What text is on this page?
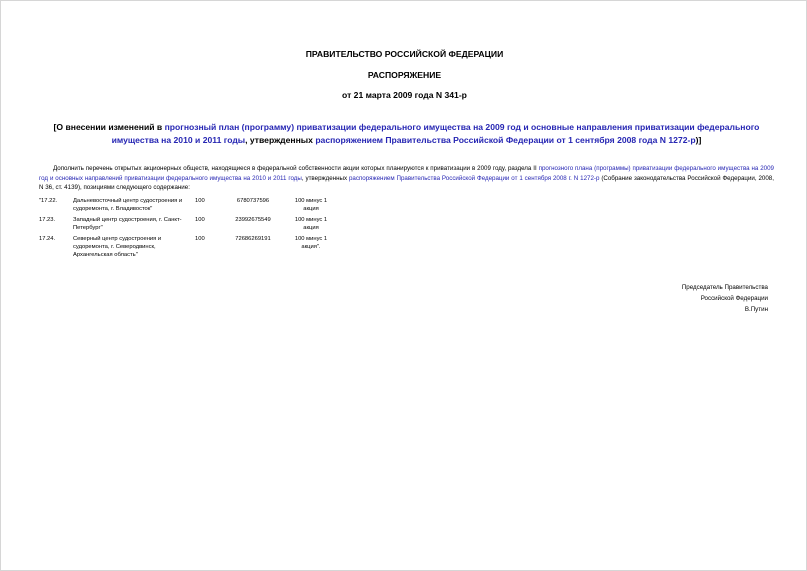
ПРАВИТЕЛЬСТВО РОССИЙСКОЙ ФЕДЕРАЦИИ
РАСПОРЯЖЕНИЕ
от 21 марта 2009 года N 341-р
[О внесении изменений в прогнозный план (программу) приватизации федерального имущества на 2009 год и основные направления приватизации федерального имущества на 2010 и 2011 годы, утвержденных распоряжением Правительства Российской Федерации от 1 сентября 2008 года N 1272-р)]
Дополнить перечень открытых акционерных обществ, находящиеся в федеральной собственности акции которых планируются к приватизации в 2009 году, раздела II прогнозного плана (программы) приватизации федерального имущества на 2009 год и основных направлений приватизации федерального имущества на 2010 и 2011 годы, утвержденных распоряжением Правительства Российской Федерации от 1 сентября 2008 г. N 1272-р (Собрание законодательства Российской Федерации, 2008, N 36, ст. 4139), позициями следующего содержание:
"17.22.	Дальневосточный центр судостроения и судоремонта, г. Владивосток"	100	6780737596	100 минус 1 акция
17.23.	Западный центр судостроения, г. Санкт-Петербург"	100	23992675549	100 минус 1 акция
17.24.	Северный центр судостроения и судоремонта, г. Северодвинск, Архангельская область"	100	72686269191	100 минус 1 акция".
Председатель Правительства
Российской Федерации
В.Путин
